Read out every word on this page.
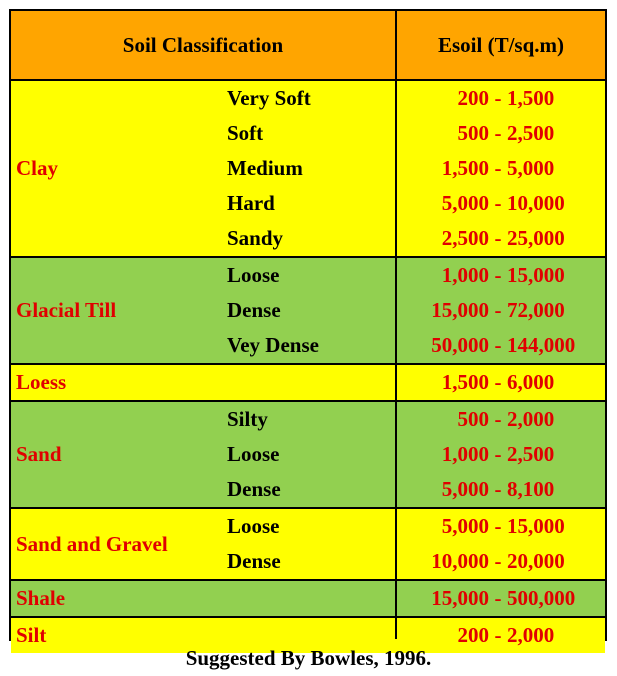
Soil Classification	Esoil (T/sq.m)
Clay
Very Soft	200 - 1,500
Soft	500 - 2,500
Medium	1,500 - 5,000
Hard	5,000 - 10,000
Sandy	2,500 - 25,000
Glacial Till
Loose	1,000 - 15,000
Dense	15,000 - 72,000
Vey Dense	50,000 - 144,000
Loess	1,500 - 6,000
Sand
Silty	500 - 2,000
Loose	1,000 - 2,500
Dense	5,000 - 8,100
Sand and Gravel
Loose	5,000 - 15,000
Dense	10,000 - 20,000
Shale	15,000 - 500,000
Silt	200 - 2,000
Suggested By Bowles, 1996.
